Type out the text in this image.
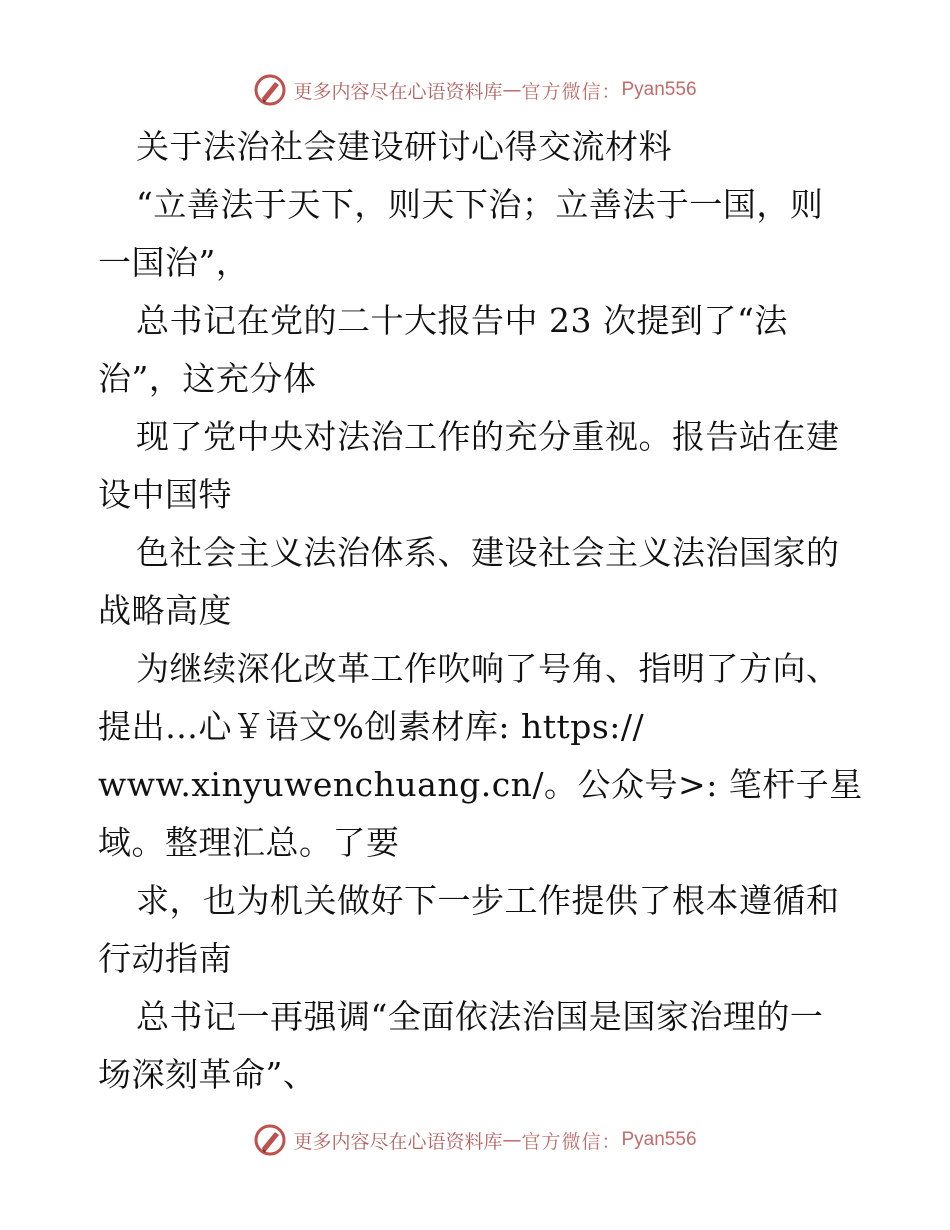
更多内容尽在心语资料库 — 官方微信： Pyan556
关于法治社会建设研讨心得交流材料
“立善法于天下，则天下治；立善法于一国，则
一国治”，
总书记在党的二十大报告中 23 次提到了“法
治”，这充分体
现了党中央对法治工作的充分重视。报告站在建
设中国特
色社会主义法治体系、建设社会主义法治国家的
战略高度
为继续深化改革工作吹响了号角、指明了方向、
提出…心￥语文%创素材库: https://
www.xinyuwenchuang.cn/。公众号>: 笔杆子星
域。整理汇总。了要
求，也为机关做好下一步工作提供了根本遵循和
行动指南
总书记一再强调“全面依法治国是国家治理的一
场深刻革命”、
更多内容尽在心语资料库 — 官方微信： Pyan556
